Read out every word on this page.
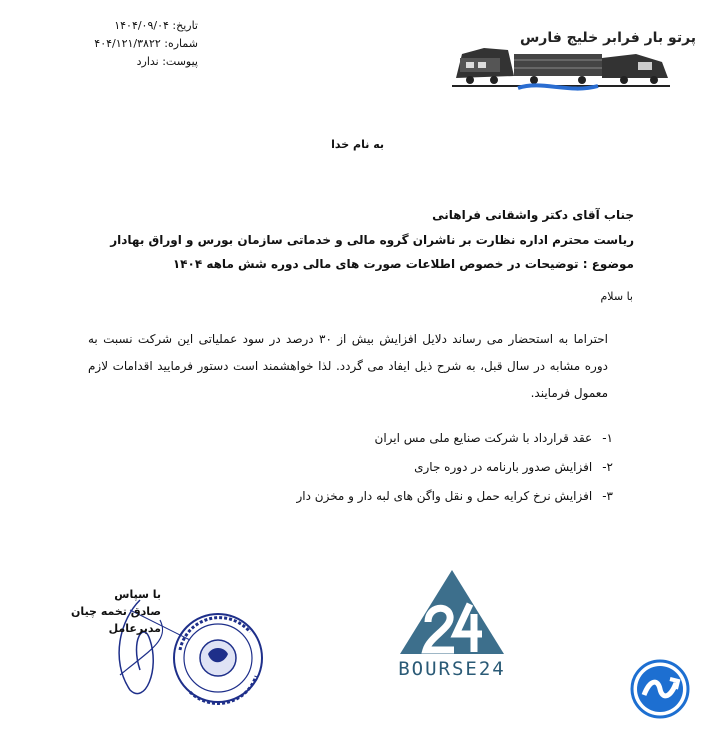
تاریخ: ۱۴۰۴/۰۹/۰۴
شماره: ۴۰۴/۱۲۱/۳۸۲۲
پیوست: ندارد
پرتو بار فرابر خلیج فارس
P.B.F
به نام خدا
جناب آقای دکتر واشقانی فراهانی
ریاست محترم اداره نظارت بر ناشران گروه مالی و خدماتی سازمان بورس و اوراق بهادار
موضوع : توضیحات در خصوص اطلاعات صورت های مالی دوره شش ماهه ۱۴۰۴
با سلام
احتراما به استحضار می رساند دلایل افزایش بیش از ۳۰ درصد در سود عملیاتی این شرکت نسبت به دوره مشابه در سال قبل، به شرح ذیل ایفاد می گردد. لذا خواهشمند است دستور فرمایید اقدامات لازم معمول فرمایند.
۱-عقد قرارداد با شرکت صنایع ملی مس ایران
۲-افزایش صدور بارنامه در دوره جاری
۳-افزایش نرخ کرایه حمل و نقل واگن های لبه دار و مخزن دار
با سپاس
صادق تخمه چیان
مدیرعامل
BOURSE24
